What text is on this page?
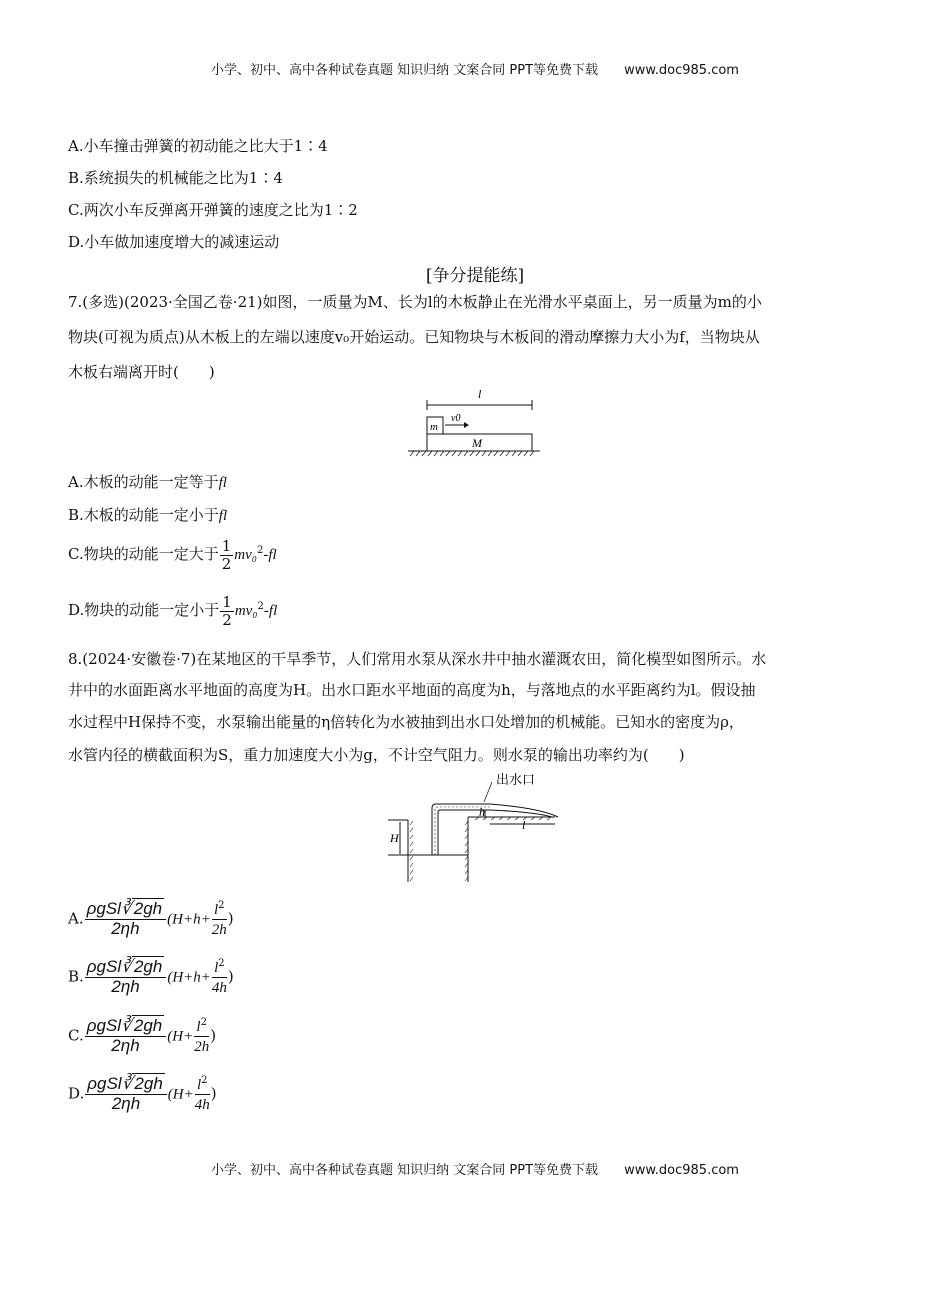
小学、初中、高中各种试卷真题 知识归纳 文案合同 PPT等免费下载 www.doc985.com
A.小车撞击弹簧的初动能之比大于1∶4
B.系统损失的机械能之比为1∶4
C.两次小车反弹离开弹簧的速度之比为1∶2
D.小车做加速度增大的减速运动
[争分提能练]
7.(多选)(2023·全国乙卷·21)如图，一质量为M、长为l的木板静止在光滑水平桌面上，另一质量为m的小
物块(可视为质点)从木板上的左端以速度v₀开始运动。已知物块与木板间的滑动摩擦力大小为f，当物块从
木板右端离开时(　　)
l
m
v0
M
A.木板的动能一定等于fl
B.木板的动能一定小于fl
C.物块的动能一定大于 $\frac{1}{2} mv_0^2-fl$
D.物块的动能一定小于 $\frac{1}{2} mv_0^2-fl$
8.(2024·安徽卷·7)在某地区的干旱季节，人们常用水泵从深水井中抽水灌溉农田，简化模型如图所示。水
井中的水面距离水平地面的高度为H。出水口距水平地面的高度为h，与落地点的水平距离约为l。假设抽
水过程中H保持不变，水泵输出能量的η倍转化为水被抽到出水口处增加的机械能。已知水的密度为ρ，
水管内径的横截面积为S，重力加速度大小为g，不计空气阻力。则水泵的输出功率约为(　　)
出水口
H
h
l
A. $\frac{\text{ρgSl∛ 2gh}}{2\eta h} (H+h+ \frac{l^2}{2h})$
B. $\frac{\text{ρgSl∛ 2gh}}{2\eta h} (H+h+ \frac{l^2}{4h})$
C. $\frac{\text{ρgSl∛ 2gh}}{2\eta h} (H+ \frac{l^2}{2h})$
D. $\frac{\text{ρgSl∛ 2gh}}{2\eta h} (H+ \frac{l^2}{4h})$
小学、初中、高中各种试卷真题 知识归纳 文案合同 PPT等免费下载 www.doc985.com
